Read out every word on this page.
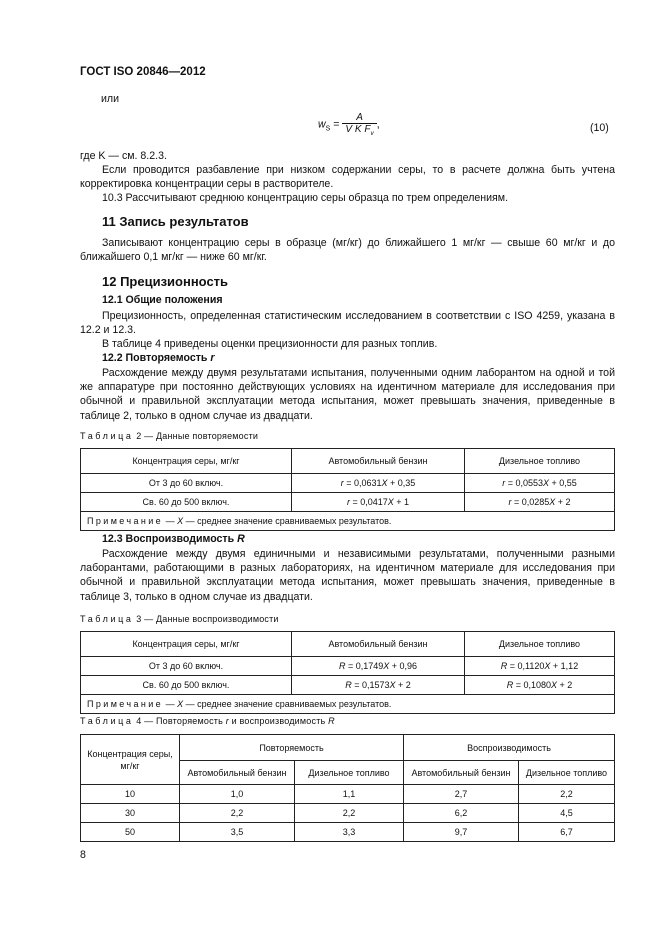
ГОСТ ISO 20846—2012
или
$w_S = \frac{A}{V K F_v}$ ,	(10)
где K — см. 8.2.3.
Если проводится разбавление при низком содержании серы, то в расчете должна быть учтена корректировка концентрации серы в растворителе.
10.3 Рассчитывают среднюю концентрацию серы образца по трем определениям.
11 Запись результатов
Записывают концентрацию серы в образце (мг/кг) до ближайшего 1 мг/кг — свыше 60 мг/кг и до ближайшего 0,1 мг/кг — ниже 60 мг/кг.
12 Прецизионность
12.1 Общие положения
Прецизионность, определенная статистическим исследованием в соответствии с ISO 4259, указана в 12.2 и 12.3.
В таблице 4 приведены оценки прецизионности для разных топлив.
12.2 Повторяемость r
Расхождение между двумя результатами испытания, полученными одним лаборантом на одной и той же аппаратуре при постоянно действующих условиях на идентичном материале для исследования при обычной и правильной эксплуатации метода испытания, может превышать значения, приведенные в таблице 2, только в одном случае из двадцати.
Таблица 2 — Данные повторяемости
Концентрация серы, мг/кг	Автомобильный бензин	Дизельное топливо
От 3 до 60 включ.	r = 0,0631X + 0,35	r = 0,0553X + 0,55
Св. 60 до 500 включ.	r = 0,0417X + 1	r = 0,0285X + 2
Примечание — X — среднее значение сравниваемых результатов.		
12.3 Воспроизводимость R
Расхождение между двумя единичными и независимыми результатами, полученными разными лаборантами, работающими в разных лабораториях, на идентичном материале для исследования при обычной и правильной эксплуатации метода испытания, может превышать значения, приведенные в таблице 3, только в одном случае из двадцати.
Таблица 3 — Данные воспроизводимости
Концентрация серы, мг/кг	Автомобильный бензин	Дизельное топливо
От 3 до 60 включ.	R = 0,1749X + 0,96	R = 0,1120X + 1,12
Св. 60 до 500 включ.	R = 0,1573X + 2	R = 0,1080X + 2
Примечание — X — среднее значение сравниваемых результатов.		
Таблица 4 — Повторяемость r и воспроизводимость R
Концентрация серы, мг/кг	Повторяемость		Воспроизводимость	
	Автомобильный бензин	Дизельное топливо	Автомобильный бензин	Дизельное топливо
10	1,0	1,1	2,7	2,2
30	2,2	2,2	6,2	4,5
50	3,5	3,3	9,7	6,7
8
